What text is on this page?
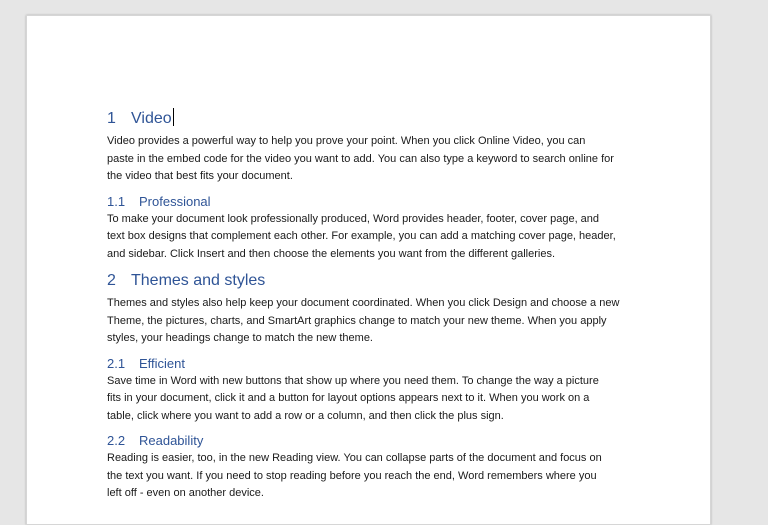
1 Video

Video provides a powerful way to help you prove your point. When you click Online Video, you can
paste in the embed code for the video you want to add. You can also type a keyword to search online for
the video that best fits your document.

1.1 Professional

To make your document look professionally produced, Word provides header, footer, cover page, and
text box designs that complement each other. For example, you can add a matching cover page, header,
and sidebar. Click Insert and then choose the elements you want from the different galleries.

2 Themes and styles

Themes and styles also help keep your document coordinated. When you click Design and choose a new
Theme, the pictures, charts, and SmartArt graphics change to match your new theme. When you apply
styles, your headings change to match the new theme.

2.1 Efficient

Save time in Word with new buttons that show up where you need them. To change the way a picture
fits in your document, click it and a button for layout options appears next to it. When you work on a
table, click where you want to add a row or a column, and then click the plus sign.

2.2 Readability

Reading is easier, too, in the new Reading view. You can collapse parts of the document and focus on
the text you want. If you need to stop reading before you reach the end, Word remembers where you
left off - even on another device.
